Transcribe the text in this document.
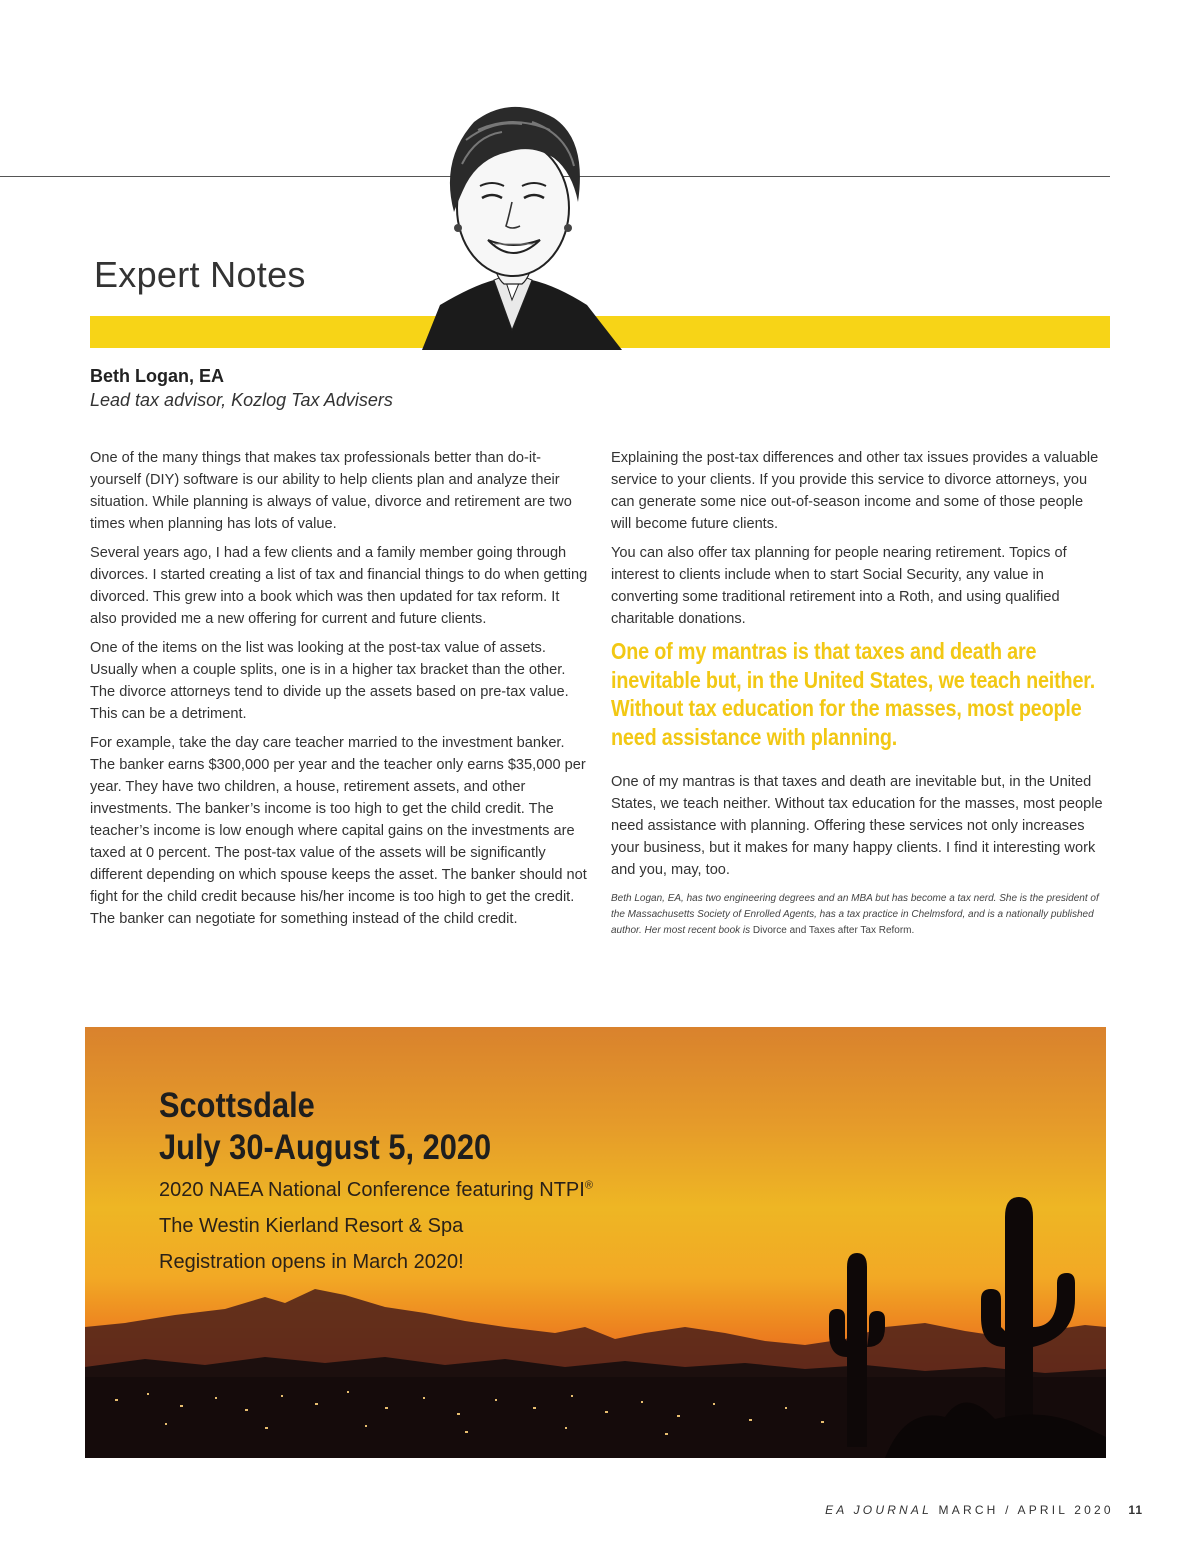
Expert Notes

Beth Logan, EA

Lead tax advisor, Kozlog Tax Advisers

One of the many things that makes tax professionals better than do-it-yourself (DIY) software is our ability to help clients plan and analyze their situation. While planning is always of value, divorce and retirement are two times when planning has lots of value.

Several years ago, I had a few clients and a family member going through divorces. I started creating a list of tax and financial things to do when getting divorced. This grew into a book which was then updated for tax reform. It also provided me a new offering for current and future clients.

One of the items on the list was looking at the post-tax value of assets. Usually when a couple splits, one is in a higher tax bracket than the other. The divorce attorneys tend to divide up the assets based on pre-tax value. This can be a detriment.

For example, take the day care teacher married to the investment banker. The banker earns $300,000 per year and the teacher only earns $35,000 per year. They have two children, a house, retirement assets, and other investments. The banker’s income is too high to get the child credit. The teacher’s income is low enough where capital gains on the investments are taxed at 0 percent. The post-tax value of the assets will be significantly different depending on which spouse keeps the asset. The banker should not fight for the child credit because his/her income is too high to get the credit. The banker can negotiate for something instead of the child credit.

Explaining the post-tax differences and other tax issues provides a valuable service to your clients. If you provide this service to divorce attorneys, you can generate some nice out-of-season income and some of those people will become future clients.

You can also offer tax planning for people nearing retirement. Topics of interest to clients include when to start Social Security, any value in converting some traditional retirement into a Roth, and using qualified charitable donations.

One of my mantras is that taxes and death are inevitable but, in the United States, we teach neither. Without tax education for the masses, most people need assistance with planning.

One of my mantras is that taxes and death are inevitable but, in the United States, we teach neither. Without tax education for the masses, most people need assistance with planning. Offering these services not only increases your business, but it makes for many happy clients. I find it interesting work and you, may, too.

Beth Logan, EA, has two engineering degrees and an MBA but has become a tax nerd. She is the president of the Massachusetts Society of Enrolled Agents, has a tax practice in Chelmsford, and is a nationally published author. Her most recent book is Divorce and Taxes after Tax Reform.

Scottsdale
July 30-August 5, 2020

2020 NAEA National Conference featuring NTPI®

The Westin Kierland Resort & Spa

Registration opens in March 2020!

EA JOURNAL MARCH / APRIL 2020 11
